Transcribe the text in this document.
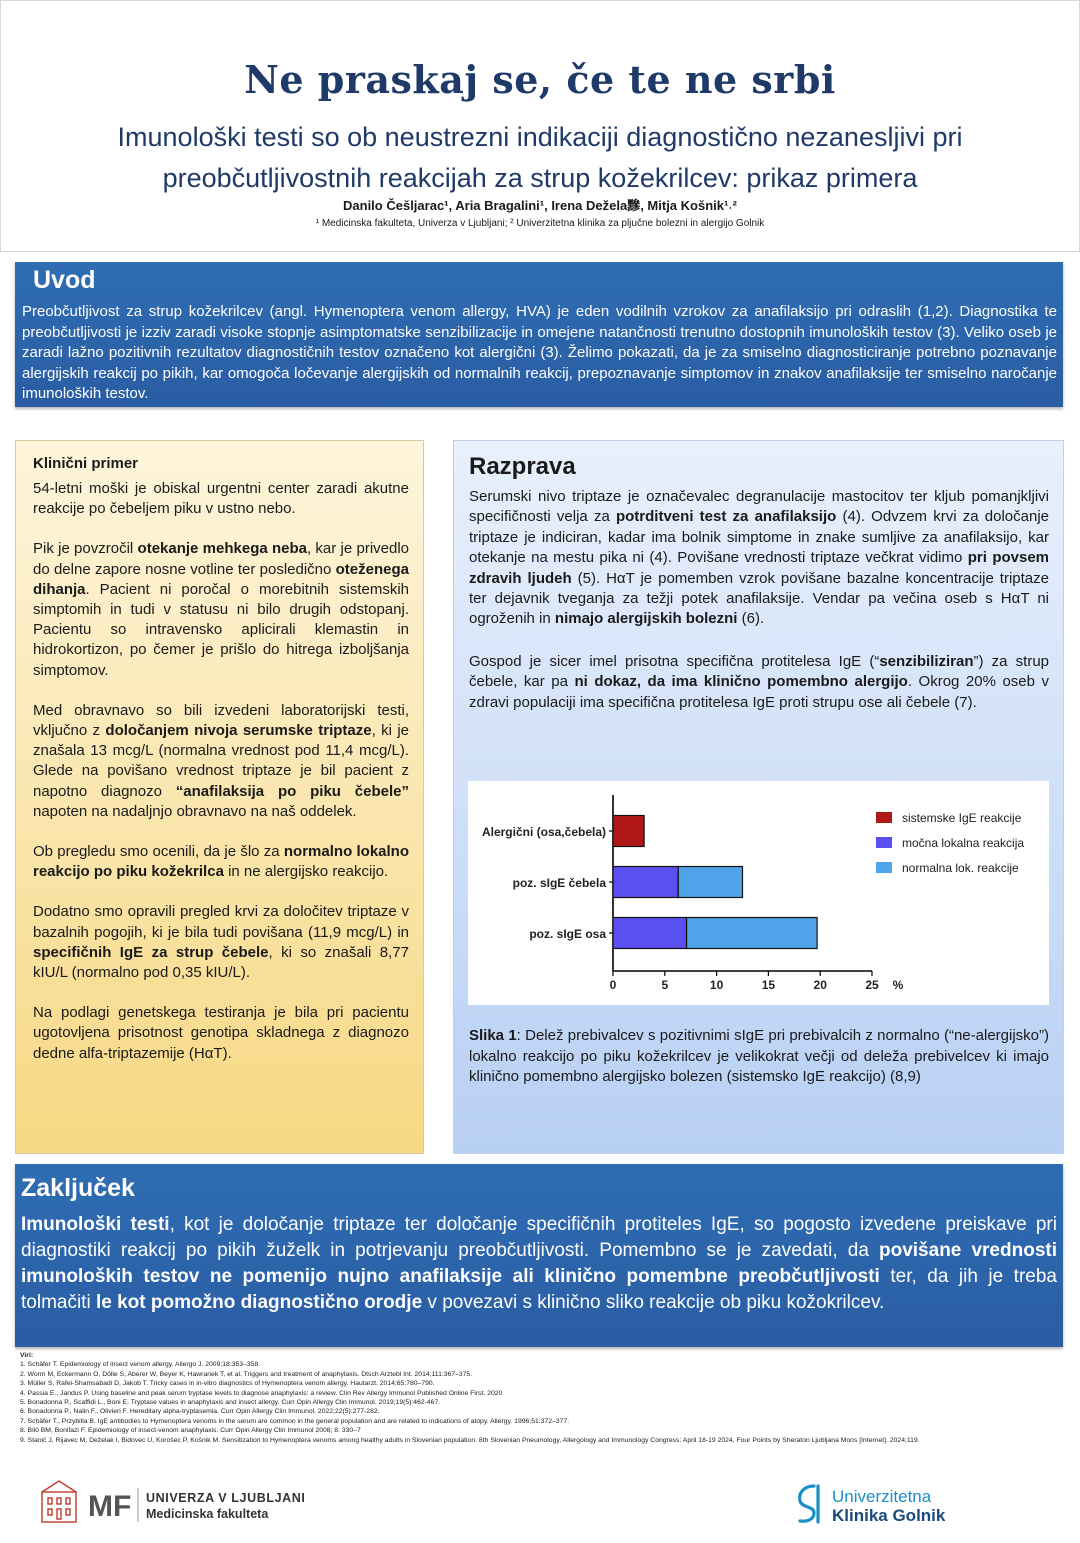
Ne praskaj se, če te ne srbi
Imunološki testi so ob neustrezni indikaciji diagnostično nezanesljivi pri preobčutljivostnih reakcijah za strup kožekrilcev: prikaz primera
Danilo Češljarac¹, Aria Bragalini¹, Irena Dežela黲, Mitja Košnik¹˒²
¹ Medicinska fakulteta, Univerza v Ljubljani; ² Univerzitetna klinika za pljučne bolezni in alergijo Golnik
Uvod

Preobčutljivost za strup kožekrilcev (angl. Hymenoptera venom allergy, HVA) je eden vodilnih vzrokov za anafilaksijo pri odraslih (1,2). Diagnostika te preobčutljivosti je izziv zaradi visoke stopnje asimptomatske senzibilizacije in omejene natančnosti trenutno dostopnih imunoloških testov (3). Veliko oseb je zaradi lažno pozitivnih rezultatov diagnostičnih testov označeno kot alergični (3). Želimo pokazati, da je za smiselno diagnosticiranje potrebno poznavanje alergijskih reakcij po pikih, kar omogoča ločevanje alergijskih od normalnih reakcij, prepoznavanje simptomov in znakov anafilaksije ter smiselno naročanje imunoloških testov.

Klinični primer

54-letni moški je obiskal urgentni center zaradi akutne reakcije po čebeljem piku v ustno nebo.

Pik je povzročil otekanje mehkega neba, kar je privedlo do delne zapore nosne votline ter posledično oteženega dihanja. Pacient ni poročal o morebitnih sistemskih simptomih in tudi v statusu ni bilo drugih odstopanj. Pacientu so intravensko aplicirali klemastin in hidrokortizon, po čemer je prišlo do hitrega izboljšanja simptomov.

Med obravnavo so bili izvedeni laboratorijski testi, vključno z določanjem nivoja serumske triptaze, ki je znašala 13 mcg/L (normalna vrednost pod 11,4 mcg/L). Glede na povišano vrednost triptaze je bil pacient z napotno diagnozo “anafilaksija po piku čebele” napoten na nadaljnjo obravnavo na naš oddelek.

Ob pregledu smo ocenili, da je šlo za normalno lokalno reakcijo po piku kožekrilca in ne alergijsko reakcijo.

Dodatno smo opravili pregled krvi za določitev triptaze v bazalnih pogojih, ki je bila tudi povišana (11,9 mcg/L) in specifičnih IgE za strup čebele, ki so znašali 8,77 kIU/L (normalno pod 0,35 kIU/L).

Na podlagi genetskega testiranja je bila pri pacientu ugotovljena prisotnost genotipa skladnega z diagnozo dedne alfa-triptazemije (HαT).

Razprava

Serumski nivo triptaze je označevalec degranulacije mastocitov ter kljub pomanjkljivi specifičnosti velja za potrditveni test za anafilaksijo (4). Odvzem krvi za določanje triptaze je indiciran, kadar ima bolnik simptome in znake sumljive za anafilaksijo, kar otekanje na mestu pika ni (4). Povišane vrednosti triptaze večkrat vidimo pri povsem zdravih ljudeh (5). HαT je pomemben vzrok povišane bazalne koncentracije triptaze ter dejavnik tveganja za težji potek anafilaksije. Vendar pa večina oseb s HαT ni ogroženih in nimajo alergijskih bolezni (6).

Gospod je sicer imel prisotna specifična protitelesa IgE (“senzibiliziran”) za strup čebele, kar pa ni dokaz, da ima klinično pomembno alergijo. Okrog 20% oseb v zdravi populaciji ima specifična protitelesa IgE proti strupu ose ali čebele (7).

Alergični (osa,čebela)
poz. sIgE čebela
poz. sIgE osa
0	5	10	15	20	25 %
sistemske IgE reakcije
močna lokalna reakcija
normalna lok. reakcije
Slika 1: Delež prebivalcev s pozitivnimi sIgE pri prebivalcih z normalno (“ne-alergijsko”) lokalno reakcijo po piku kožekrilcev je velikokrat večji od deleža prebivelcev ki imajo klinično pomembno alergijsko bolezen (sistemsko IgE reakcijo) (8,9)
Zaključek

Imunološki testi, kot je določanje triptaze ter določanje specifičnih protiteles IgE, so pogosto izvedene preiskave pri diagnostiki reakcij po pikih žuželk in potrjevanju preobčutljivosti. Pomembno se je zavedati, da povišane vrednosti imunoloških testov ne pomenijo nujno anafilaksije ali klinično pomembne preobčutljivosti ter, da jih je treba tolmačiti le kot pomožno diagnostično orodje v povezavi s klinično sliko reakcije ob piku kožokrilcev.

Viri:
1. Schäfer T. Epidemiology of insect venom allergy. Allergo J. 2009;18:353–358.
2. Worm M, Eckermann O, Dölle S, Aberer W, Beyer K, Hawranek T, et al. Triggers and treatment of anaphylaxis. Dtsch Arztebl Int. 2014;111:367–375.
3. Müller S, Rafei-Shamsabadi D, Jakob T. Tricky cases in in-vitro diagnostics of Hymenoptera venom allergy. Hautarzt. 2014;65:780–790.
4. Passia E., Jandus P. Using baseline and peak serum tryptase levels to diagnose anaphylaxis: a review. Clin Rev Allergy Immunol Published Online First. 2020
5. Bonadonna P., Scaffidi L., Boni E. Tryptase values in anaphylaxis and insect allergy. Curr Opin Allergy Clin Immunol. 2019;19(5):462-467.
6. Bonadonna P., Nalin F., Olivieri F. Hereditary alpha-tryptasemia. Curr Opin Allergy Clin Immunol. 2022;22(5):277-282.
7. Schäfer T., Przybilla B. IgE antibodies to Hymenoptera venoms in the serum are common in the general population and are related to indications of atopy. Allergy. 1996;51:372–377.
8. Bilò BM, Bonifazi F. Epidemiology of insect-venom anaphylaxis. Curr Opin Allergy Clin Immunol 2008; 8: 330–7
9. Stanič J, Rijavec M, Deželak I, Bidovec U, Korošec P, Košnik M. Sensitization to Hymenoptera venoms among healthy adults in Slovenian population. 8th Slovenian Pneumology, Allergology and Immunology Congress: April 18-19 2024, Four Points by Sheraton Ljubljana Mons [Internet]. 2024;119.
MF UNIVERZA V LJUBLJANI
Medicinska fakulteta
Univerzitetna
Klinika Golnik
